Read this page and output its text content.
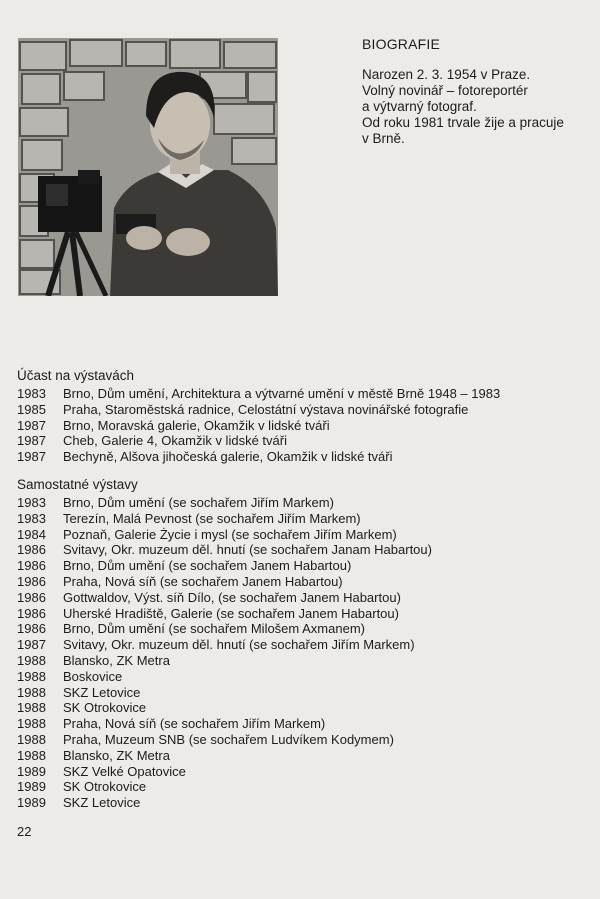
BIOGRAFIE
Narozen 2. 3. 1954 v Praze.
Volný novinář – fotoreportér
a výtvarný fotograf.
Od roku 1981 trvale žije a pracuje
v Brně.
Účast na výstavách
1983	Brno, Dům umění, Architektura a výtvarné umění v městě Brně 1948 – 1983
1985	Praha, Staroměstská radnice, Celostátní výstava novinářské fotografie
1987	Brno, Moravská galerie, Okamžik v lidské tváři
1987	Cheb, Galerie 4, Okamžik v lidské tváři
1987	Bechyně, Alšova jihočeská galerie, Okamžik v lidské tváři
Samostatné výstavy
1983	Brno, Dům umění (se sochařem Jiřím Markem)
1983	Terezín, Malá Pevnost (se sochařem Jiřím Markem)
1984	Poznaň, Galerie Życie i mysl (se sochařem Jiřím Markem)
1986	Svitavy, Okr. muzeum děl. hnutí (se sochařem Janam Habartou)
1986	Brno, Dům umění (se sochařem Janem Habartou)
1986	Praha, Nová síň (se sochařem Janem Habartou)
1986	Gottwaldov, Výst. síň Dílo, (se sochařem Janem Habartou)
1986	Uherské Hradiště, Galerie (se sochařem Janem Habartou)
1986	Brno, Dům umění (se sochařem Milošem Axmanem)
1987	Svitavy, Okr. muzeum děl. hnutí (se sochařem Jiřím Markem)
1988	Blansko, ZK Metra
1988	Boskovice
1988	SKZ Letovice
1988	SK Otrokovice
1988	Praha, Nová síň (se sochařem Jiřím Markem)
1988	Praha, Muzeum SNB (se sochařem Ludvíkem Kodymem)
1988	Blansko, ZK Metra
1989	SKZ Velké Opatovice
1989	SK Otrokovice
1989	SKZ Letovice
22
